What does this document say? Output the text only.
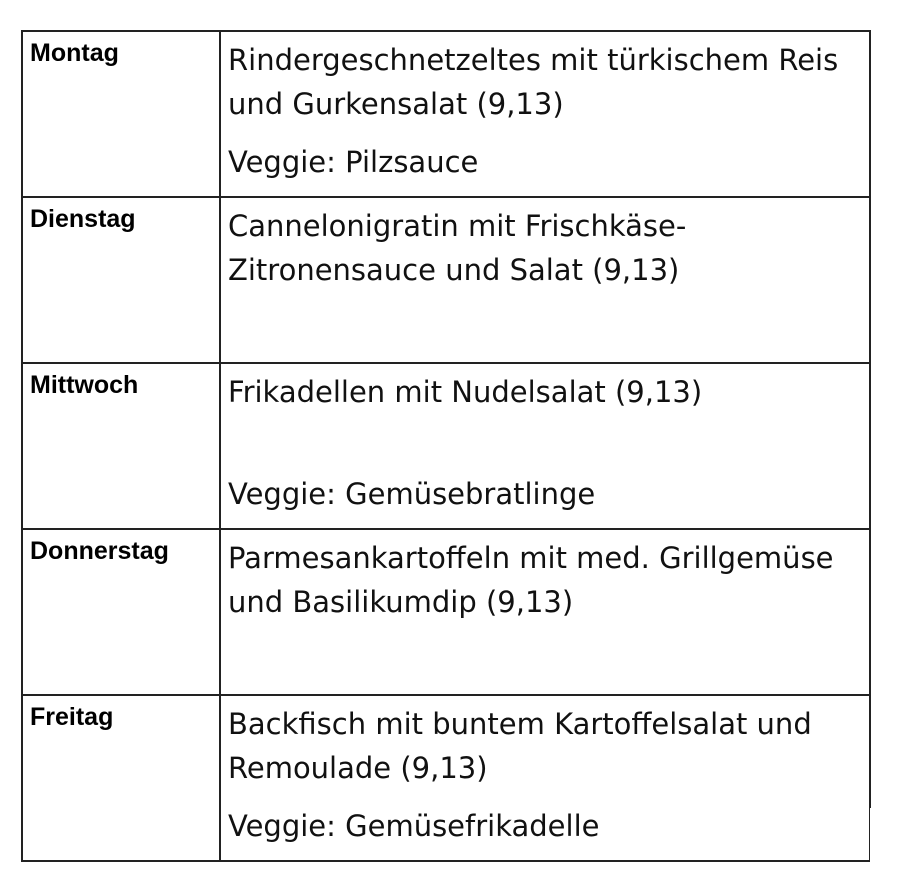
Montag	Rindergeschnetzeltes mit türkischem Reis und Gurkensalat (9,13)
Veggie: Pilzsauce

Dienstag	Cannelonigratin mit Frischkäse-Zitronensauce und Salat (9,13)

Mittwoch	Frikadellen mit Nudelsalat (9,13)
Veggie: Gemüsebratlinge

Donnerstag	Parmesankartoffeln mit med. Grillgemüse und Basilikumdip (9,13)

Freitag	Backfisch mit buntem Kartoffelsalat und Remoulade (9,13)
Veggie: Gemüsefrikadelle
